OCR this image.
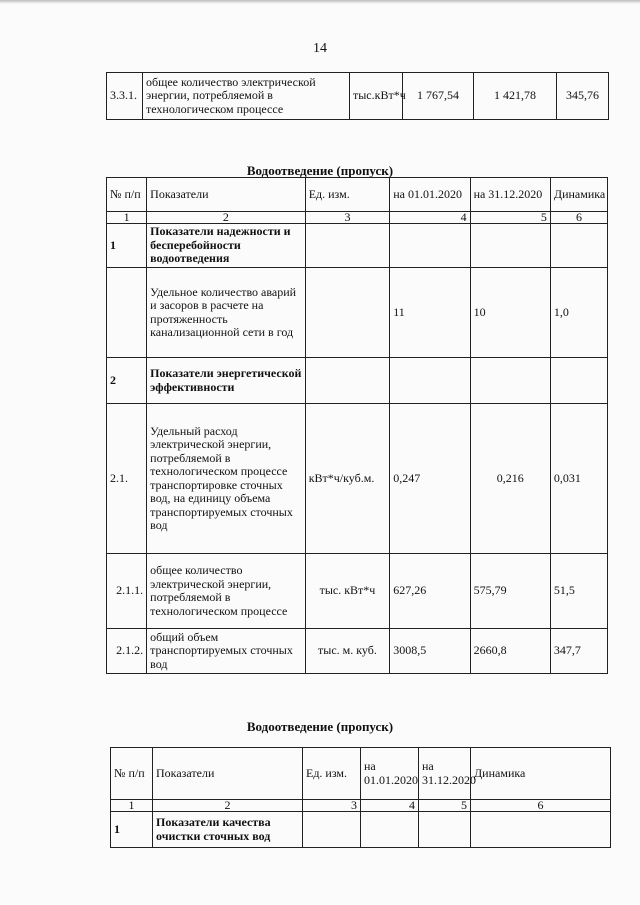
14
3.3.1.	общее количество электрической энергии, потребляемой в технологическом процессе	тыс.кВт*ч	1 767,54	1 421,78	345,76
Водоотведение (пропуск)
№ п/п	Показатели	Ед. изм.	на 01.01.2020	на 31.12.2020	Динамика
1	2	3	4	5	6
1	Показатели надежности и бесперебойности водоотведения				
	Удельное количество аварий и засоров в расчете на протяженность канализационной сети в год		11	10	1,0
2	Показатели энергетической эффективности				
2.1.	Удельный расход электрической энергии, потребляемой в технологическом процессе транспортировке сточных вод, на единицу объема транспортируемых сточных вод	кВт*ч/куб.м.	0,247	0,216	0,031
2.1.1.	общее количество электрической энергии, потребляемой в технологическом процессе	тыс. кВт*ч	627,26	575,79	51,5
2.1.2.	общий объем транспортируемых сточных вод	тыс. м. куб.	3008,5	2660,8	347,7
Водоотведение (пропуск)
№ п/п	Показатели	Ед. изм.	на 01.01.2020	на 31.12.2020	Динамика
1	2	3	4	5	6
1	Показатели качества очистки сточных вод				
